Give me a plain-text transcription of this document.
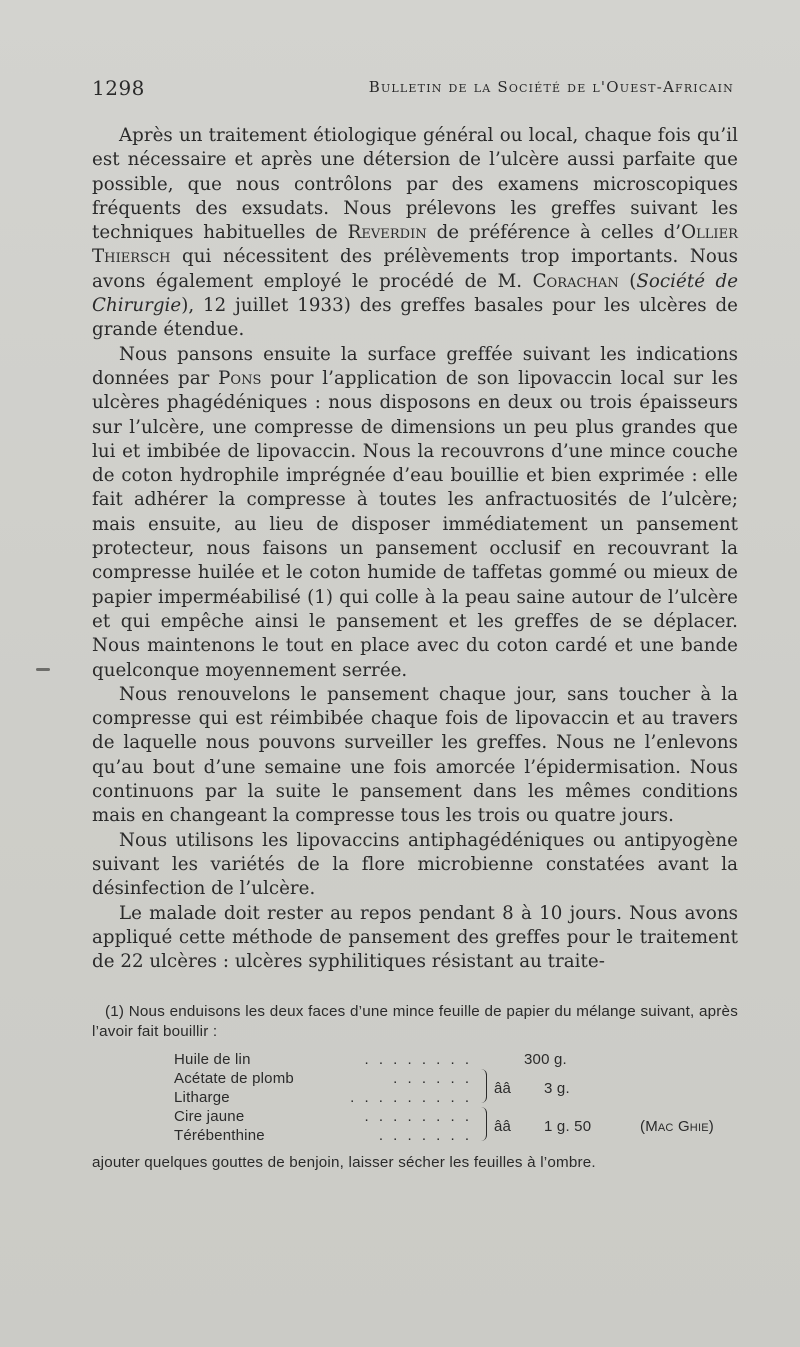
1298	Bulletin de la Société de l'Ouest-Africain

Après un traitement étiologique général ou local, chaque fois qu’il est nécessaire et après une détersion de l’ulcère aussi parfaite que possible, que nous contrôlons par des examens microscopiques fréquents des exsudats. Nous prélevons les greffes suivant les techniques habituelles de Reverdin de préférence à celles d’Ollier Thiersch qui nécessitent des prélèvements trop importants. Nous avons également employé le procédé de M. Corachan (Société de Chirurgie), 12 juillet 1933) des greffes basales pour les ulcères de grande étendue.

Nous pansons ensuite la surface greffée suivant les indications données par Pons pour l’application de son lipovaccin local sur les ulcères phagédéniques : nous disposons en deux ou trois épaisseurs sur l’ulcère, une compresse de dimensions un peu plus grandes que lui et imbibée de lipovaccin. Nous la recouvrons d’une mince couche de coton hydrophile imprégnée d’eau bouillie et bien exprimée : elle fait adhérer la compresse à toutes les anfractuosités de l’ulcère; mais ensuite, au lieu de disposer immédiatement un pansement protecteur, nous faisons un pansement occlusif en recouvrant la compresse huilée et le coton humide de taffetas gommé ou mieux de papier imperméabilisé (1) qui colle à la peau saine autour de l’ulcère et qui empêche ainsi le pansement et les greffes de se déplacer. Nous maintenons le tout en place avec du coton cardé et une bande quelconque moyennement serrée.

Nous renouvelons le pansement chaque jour, sans toucher à la compresse qui est réimbibée chaque fois de lipovaccin et au travers de laquelle nous pouvons surveiller les greffes. Nous ne l’enlevons qu’au bout d’une semaine une fois amorcée l’épidermisation. Nous continuons par la suite le pansement dans les mêmes conditions mais en changeant la compresse tous les trois ou quatre jours.

Nous utilisons les lipovaccins antiphagédéniques ou antipyogène suivant les variétés de la flore microbienne constatées avant la désinfection de l’ulcère.

Le malade doit rester au repos pendant 8 à 10 jours. Nous avons appliqué cette méthode de pansement des greffes pour le traitement de 22 ulcères : ulcères syphilitiques résistant au traite-

(1) Nous enduisons les deux faces d’une mince feuille de papier du mélange suivant, après l’avoir fait bouillir :
Huile de lin	. . . . . . . .	300 g.
Acétate de plomb	. . . . . .
Litharge	. . . . . . . . .
ââ 3 g.
Cire jaune	. . . . . . . .
Térébenthine	. . . . . . .
ââ 1 g. 50	(Mac Ghie)
ajouter quelques gouttes de benjoin, laisser sécher les feuilles à l’ombre.
